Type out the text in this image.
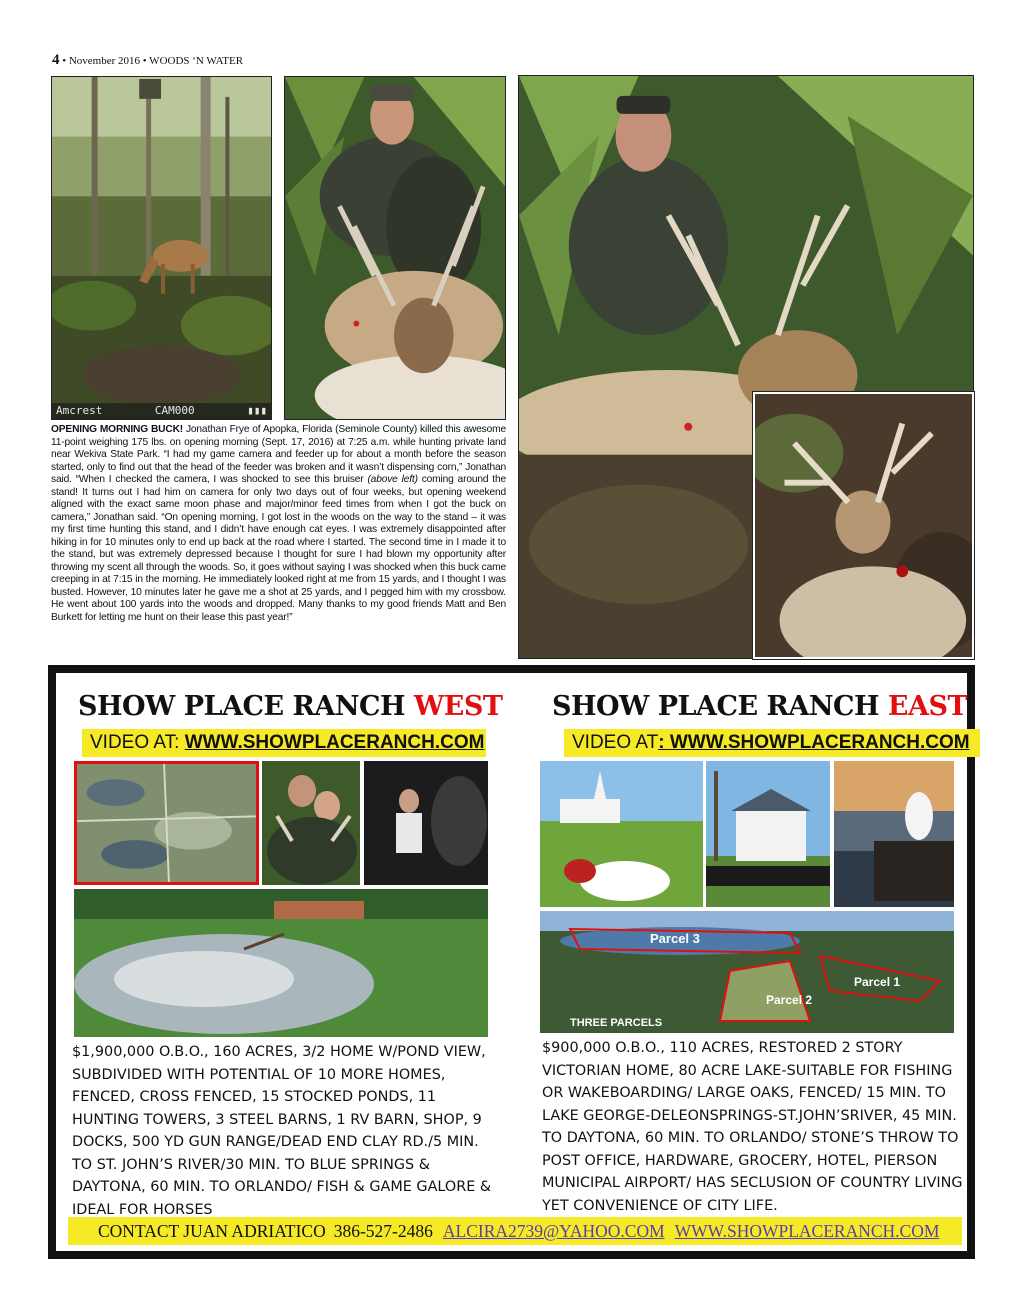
4 • November 2016 • WOODS ‘N WATER
Amcrest	CAM000	▮▮▮
OPENING MORNING BUCK! Jonathan Frye of Apopka, Florida (Seminole County) killed this awesome 11-point weighing 175 lbs. on opening morning (Sept. 17, 2016) at 7:25 a.m. while hunting private land near Wekiva State Park. “I had my game camera and feeder up for about a month before the season started, only to find out that the head of the feeder was broken and it wasn’t dispensing corn,” Jonathan said. “When I checked the camera, I was shocked to see this bruiser (above left) coming around the stand! It turns out I had him on camera for only two days out of four weeks, but opening weekend aligned with the exact same moon phase and major/minor feed times from when I got the buck on camera,” Jonathan said. “On opening morning, I got lost in the woods on the way to the stand – it was my first time hunting this stand, and I didn’t have enough cat eyes. I was extremely disappointed after hiking in for 10 minutes only to end up back at the road where I started. The second time in I made it to the stand, but was extremely depressed because I thought for sure I had blown my opportunity after throwing my scent all through the woods. So, it goes without saying I was shocked when this buck came creeping in at 7:15 in the morning. He immediately looked right at me from 15 yards, and I thought I was busted. However, 10 minutes later he gave me a shot at 25 yards, and I pegged him with my crossbow. He went about 100 yards into the woods and dropped. Many thanks to my good friends Matt and Ben Burkett for letting me hunt on their lease this past year!”
SHOW PLACE RANCH WEST SHOW PLACE RANCH EAST
VIDEO AT: WWW.SHOWPLACERANCH.COM	VIDEO AT: WWW.SHOWPLACERANCH.COM
Parcel 3
Parcel 2
Parcel 1
THREE PARCELS
$1,900,000 O.B.O., 160 ACRES, 3/2 HOME W/POND VIEW, SUBDIVIDED WITH POTENTIAL OF 10 MORE HOMES, FENCED, CROSS FENCED, 15 STOCKED PONDS, 11 HUNTING TOWERS, 3 STEEL BARNS, 1 RV BARN, SHOP, 9 DOCKS, 500 YD GUN RANGE/DEAD END CLAY RD./5 MIN. TO ST. JOHN’S RIVER/30 MIN. TO BLUE SPRINGS & DAYTONA, 60 MIN. TO ORLANDO/ FISH & GAME GALORE & IDEAL FOR HORSES
$900,000 O.B.O., 110 ACRES, RESTORED 2 STORY VICTORIAN HOME, 80 ACRE LAKE-SUITABLE FOR FISHING OR WAKEBOARDING/ LARGE OAKS, FENCED/ 15 MIN. TO LAKE GEORGE-DELEONSPRINGS-ST.JOHN’SRIVER, 45 MIN. TO DAYTONA, 60 MIN. TO ORLANDO/ STONE’S THROW TO POST OFFICE, HARDWARE, GROCERY, HOTEL, PIERSON MUNICIPAL AIRPORT/ HAS SECLUSION OF COUNTRY LIVING YET CONVENIENCE OF CITY LIFE.
CONTACT JUAN ADRIATICO 386-527-2486 ALCIRA2739@YAHOO.COM WWW.SHOWPLACERANCH.COM
